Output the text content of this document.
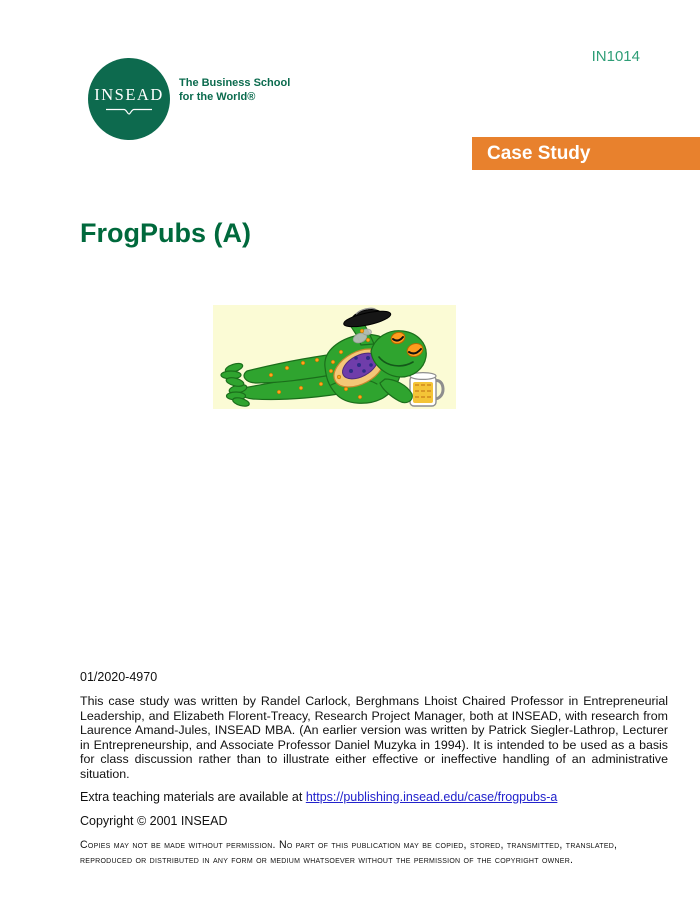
IN1014
INSEAD
The Business School
for the World®
Case Study
FrogPubs (A)

01/2020-4970

This case study was written by Randel Carlock, Berghmans Lhoist Chaired Professor in Entrepreneurial Leadership, and Elizabeth Florent-Treacy, Research Project Manager, both at INSEAD, with research from Laurence Amand-Jules, INSEAD MBA. (An earlier version was written by Patrick Siegler-Lathrop, Lecturer in Entrepreneurship, and Associate Professor Daniel Muzyka in 1994). It is intended to be used as a basis for class discussion rather than to illustrate either effective or ineffective handling of an administrative situation.

Extra teaching materials are available at https://publishing.insead.edu/case/frogpubs-a

Copyright © 2001 INSEAD

Copies may not be made without permission. No part of this publication may be copied, stored, transmitted, translated, reproduced or distributed in any form or medium whatsoever without the permission of the copyright owner.
